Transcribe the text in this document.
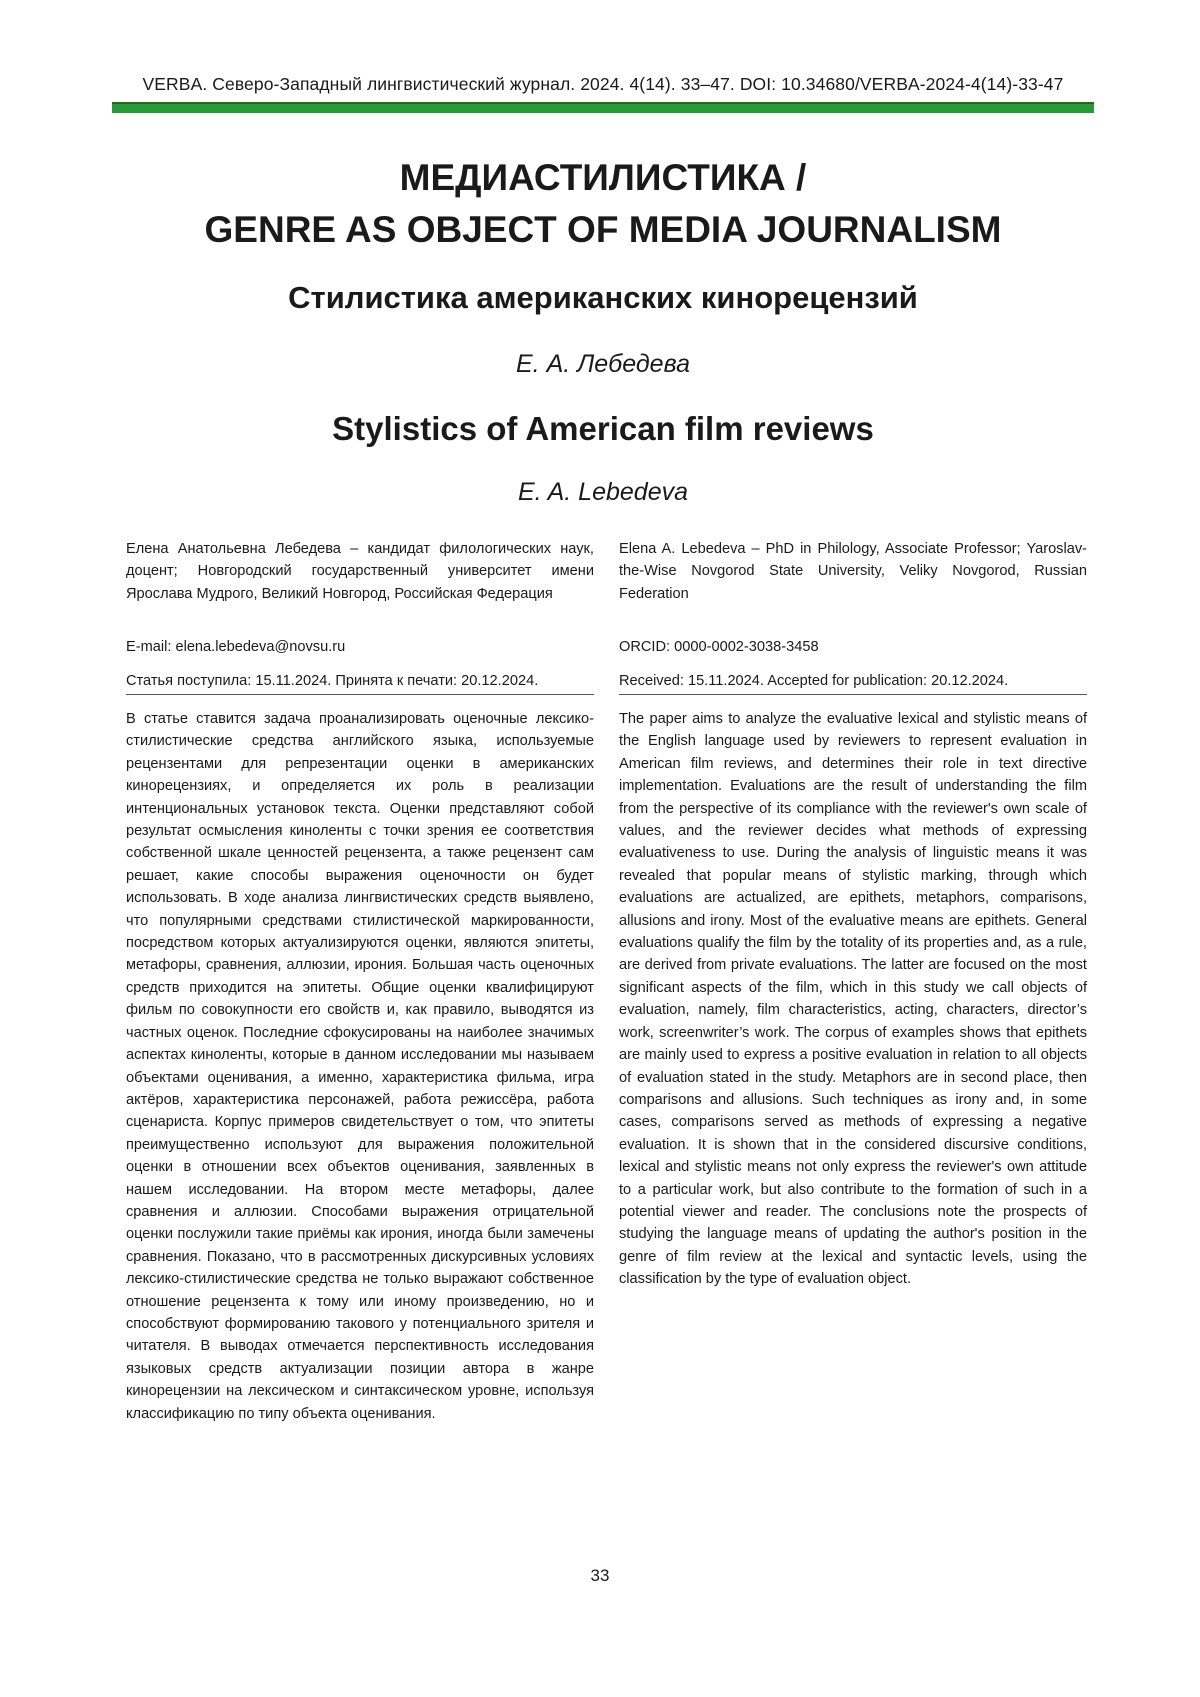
VERBA. Северо-Западный лингвистический журнал. 2024. 4(14). 33–47. DOI: 10.34680/VERBA-2024-4(14)-33-47
МЕДИАСТИЛИСТИКА /
GENRE AS OBJECT OF MEDIA JOURNALISM
Стилистика американских кинорецензий
Е. А. Лебедева
Stylistics of American film reviews
E. A. Lebedeva
Елена Анатольевна Лебедева – кандидат филологических наук, доцент; Новгородский государственный университет имени Ярослава Мудрого, Великий Новгород, Российская Федерация
Elena A. Lebedeva – PhD in Philology, Associate Professor; Yaroslav-the-Wise Novgorod State University, Veliky Novgorod, Russian Federation
E-mail: elena.lebedeva@novsu.ru	ORCID: 0000-0002-3038-3458
Статья поступила: 15.11.2024. Принята к печати: 20.12.2024.	Received: 15.11.2024. Accepted for publication: 20.12.2024.
В статье ставится задача проанализировать оценочные лексико-стилистические средства английского языка, используемые рецензентами для репрезентации оценки в американских кинорецензиях, и определяется их роль в реализации интенциональных установок текста. Оценки представляют собой результат осмысления киноленты с точки зрения ее соответствия собственной шкале ценностей рецензента, а также рецензент сам решает, какие способы выражения оценочности он будет использовать. В ходе анализа лингвистических средств выявлено, что популярными средствами стилистической маркированности, посредством которых актуализируются оценки, являются эпитеты, метафоры, сравнения, аллюзии, ирония. Большая часть оценочных средств приходится на эпитеты. Общие оценки квалифицируют фильм по совокупности его свойств и, как правило, выводятся из частных оценок. Последние сфокусированы на наиболее значимых аспектах киноленты, которые в данном исследовании мы называем объектами оценивания, а именно, характеристика фильма, игра актёров, характеристика персонажей, работа режиссёра, работа сценариста. Корпус примеров свидетельствует о том, что эпитеты преимущественно используют для выражения положительной оценки в отношении всех объектов оценивания, заявленных в нашем исследовании. На втором месте метафоры, далее сравнения и аллюзии. Способами выражения отрицательной оценки послужили такие приёмы как ирония, иногда были замечены сравнения. Показано, что в рассмотренных дискурсивных условиях лексико-стилистические средства не только выражают собственное отношение рецензента к тому или иному произведению, но и способствуют формированию такового у потенциального зрителя и читателя. В выводах отмечается перспективность исследования языковых средств актуализации позиции автора в жанре кинорецензии на лексическом и синтаксическом уровне, используя классификацию по типу объекта оценивания.
The paper aims to analyze the evaluative lexical and stylistic means of the English language used by reviewers to represent evaluation in American film reviews, and determines their role in text directive implementation. Evaluations are the result of understanding the film from the perspective of its compliance with the reviewer's own scale of values, and the reviewer decides what methods of expressing evaluativeness to use. During the analysis of linguistic means it was revealed that popular means of stylistic marking, through which evaluations are actualized, are epithets, metaphors, comparisons, allusions and irony. Most of the evaluative means are epithets. General evaluations qualify the film by the totality of its properties and, as a rule, are derived from private evaluations. The latter are focused on the most significant aspects of the film, which in this study we call objects of evaluation, namely, film characteristics, acting, characters, director’s work, screenwriter’s work. The corpus of examples shows that epithets are mainly used to express a positive evaluation in relation to all objects of evaluation stated in the study. Metaphors are in second place, then comparisons and allusions. Such techniques as irony and, in some cases, comparisons served as methods of expressing a negative evaluation. It is shown that in the considered discursive conditions, lexical and stylistic means not only express the reviewer's own attitude to a particular work, but also contribute to the formation of such in a potential viewer and reader. The conclusions note the prospects of studying the language means of updating the author's position in the genre of film review at the lexical and syntactic levels, using the classification by the type of evaluation object.
33
